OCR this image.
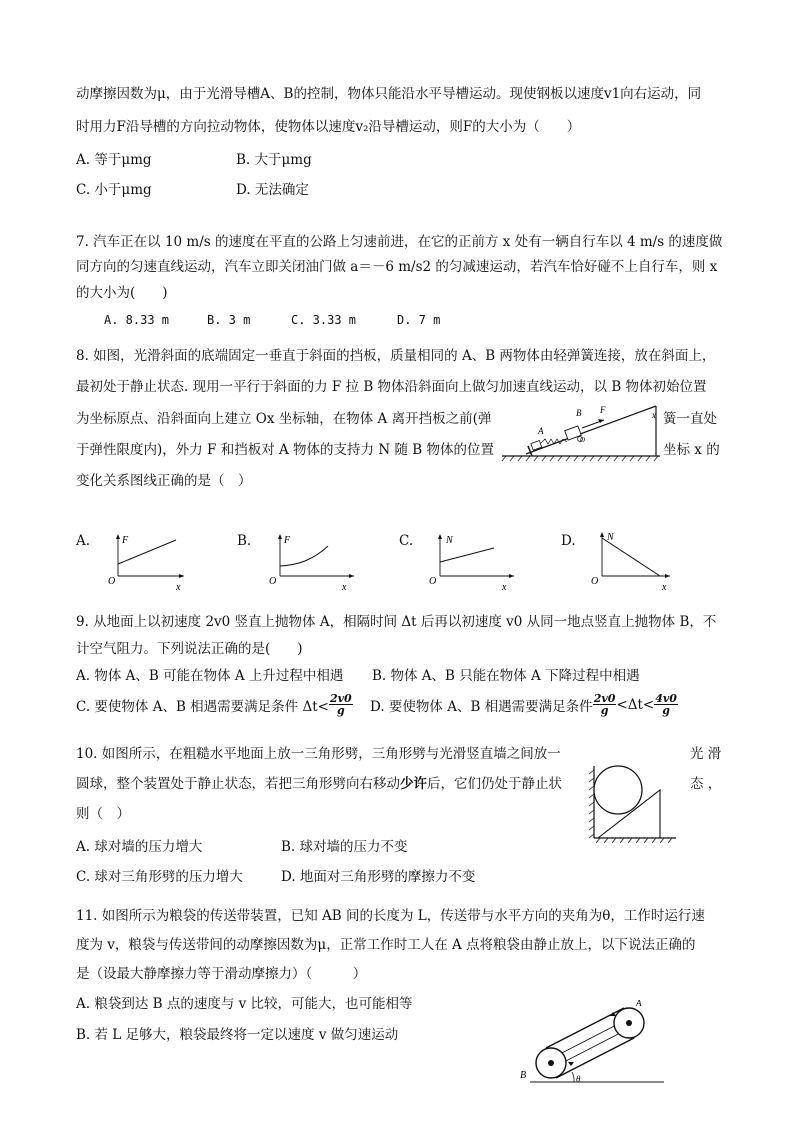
动摩擦因数为μ，由于光滑导槽A、B的控制，物体只能沿水平导槽运动。现使钢板以速度v1向右运动，同
时用力F沿导槽的方向拉动物体，使物体以速度v₂沿导槽运动，则F的大小为（　　）
A. 等于μmg	B. 大于μmg
C. 小于μmg	D. 无法确定
7. 汽车正在以 10 m/s 的速度在平直的公路上匀速前进，在它的正前方 x 处有一辆自行车以 4 m/s 的速度做
同方向的匀速直线运动，汽车立即关闭油门做 a＝－6 m/s2 的匀减速运动，若汽车恰好碰不上自行车，则 x
的大小为(　　)
A. 8.33 m	B. 3 m	C. 3.33 m	D. 7 m
8. 如图，光滑斜面的底端固定一垂直于斜面的挡板，质量相同的 A、B 两物体由轻弹簧连接，放在斜面上，
最初处于静止状态. 现用一平行于斜面的力 F 拉 B 物体沿斜面向上做匀加速直线运动，以 B 物体初始位置
为坐标原点、沿斜面向上建立 Ox 坐标轴，在物体 A 离开挡板之前(弹	簧一直处
于弹性限度内)，外力 F 和挡板对 A 物体的支持力 N 随 B 物体的位置	坐标 x 的
变化关系图线正确的是（　）
A
B F	x
O
A.	F
O
x
B.	F
O
x
C.	N
O
x
D.	N
O
x
9. 从地面上以初速度 2v0 竖直上抛物体 A，相隔时间 Δt 后再以初速度 v0 从同一地点竖直上抛物体 B，不
计空气阻力。下列说法正确的是(　　)
A. 物体 A、B 可能在物体 A 上升过程中相遇 B. 物体 A、B 只能在物体 A 下降过程中相遇
C. 要使物体 A、B 相遇需要满足条件 $\Delta t< \frac{2v0}{g} D$. 要使物体 A、B 相遇需要满足条件 $\frac{2v0}{g} <\Delta t< \frac{4v0}{g}$
10. 如图所示，在粗糙水平地面上放一三角形劈，三角形劈与光滑竖直墙之间放一	光 滑
圆球，整个装置处于静止状态，若把三角形劈向右移动少许后，它们仍处于静止状	态 ，
则（　）
A. 球对墙的压力增大	B. 球对墙的压力不变
C. 球对三角形劈的压力增大	D. 地面对三角形劈的摩擦力不变
11. 如图所示为粮袋的传送带装置，已知 AB 间的长度为 L，传送带与水平方向的夹角为θ，工作时运行速
度为 v，粮袋与传送带间的动摩擦因数为μ，正常工作时工人在 A 点将粮袋由静止放上，以下说法正确的
是（设最大静摩擦力等于滑动摩擦力）（　　　）
A. 粮袋到达 B 点的速度与 v 比较，可能大，也可能相等
B. 若 L 足够大，粮袋最终将一定以速度 v 做匀速运动
A
B	θ
